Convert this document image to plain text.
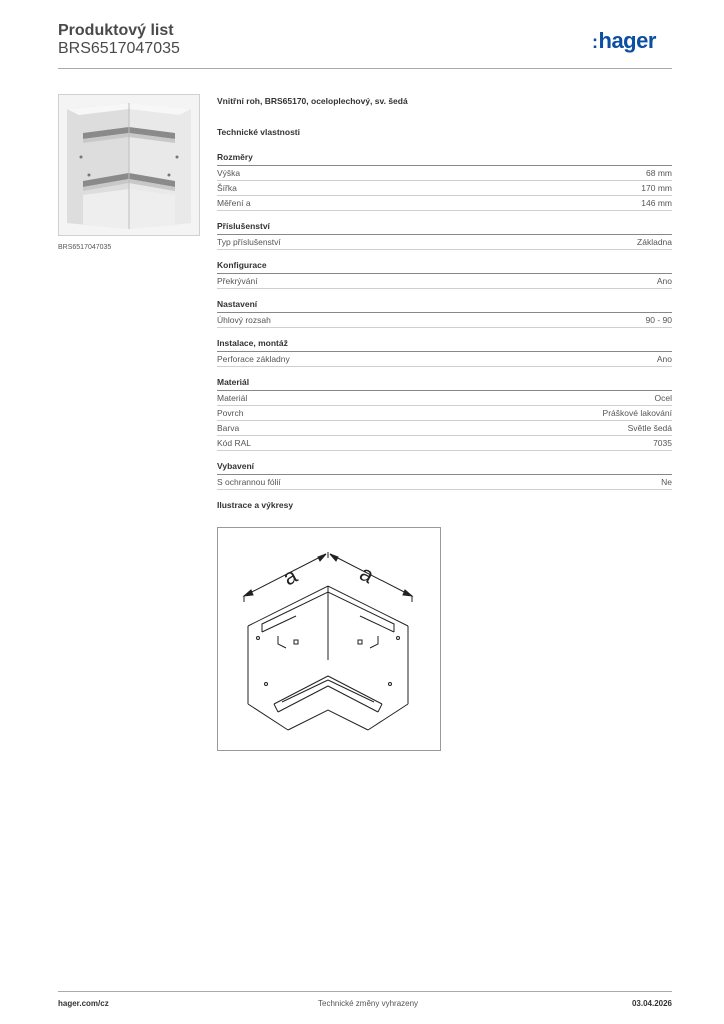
Produktový list
BRS6517047035	:hager
BRS6517047035
Vnitřní roh, BRS65170, oceloplechový, sv. šedá
Technické vlastnosti
Rozměry
Výška	68 mm
Šířka	170 mm
Měření a	146 mm
Příslušenství
Typ příslušenství	Základna
Konfigurace
Překrývání	Ano
Nastavení
Úhlový rozsah	90 - 90
Instalace, montáž
Perforace základny	Ano
Materiál
Materiál	Ocel
Povrch	Práškové lakování
Barva	Světle šedá
Kód RAL	7035
Vybavení
S ochrannou fólií	Ne
Ilustrace a výkresy
a a
hager.com/cz	Technické změny vyhrazeny	03.04.2026
